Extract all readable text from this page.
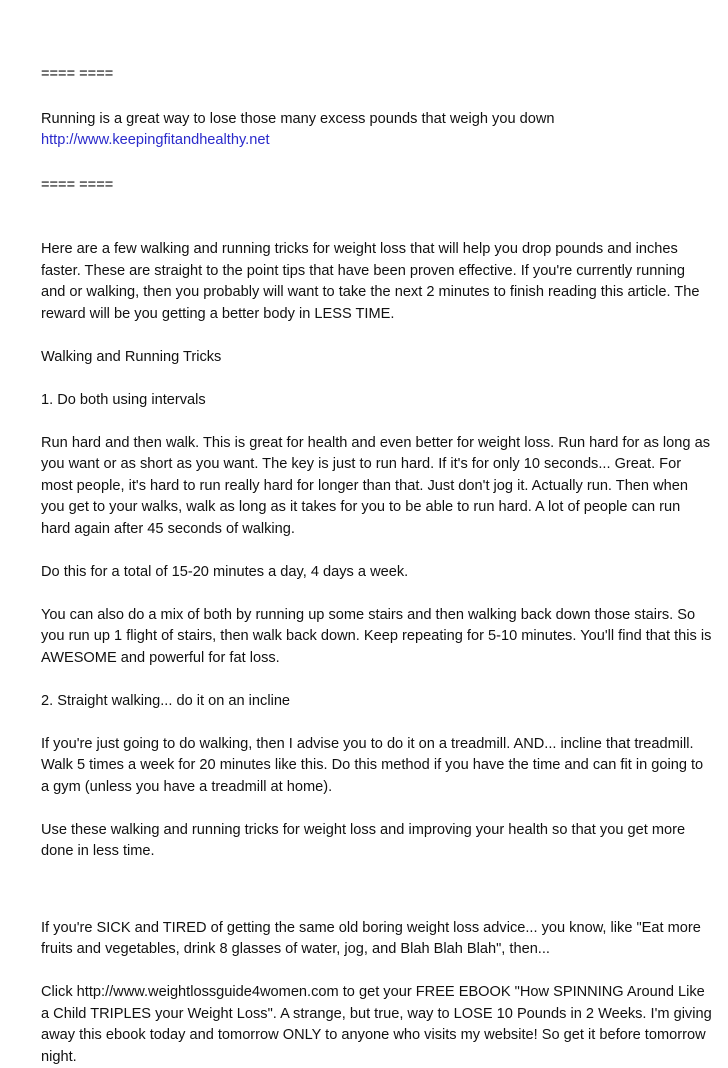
==== ====

Running is a great way to lose those many excess pounds that weigh you down

http://www.keepingfitandhealthy.net

==== ====

Here are a few walking and running tricks for weight loss that will help you drop pounds and inches faster. These are straight to the point tips that have been proven effective. If you're currently running and or walking, then you probably will want to take the next 2 minutes to finish reading this article. The reward will be you getting a better body in LESS TIME.

Walking and Running Tricks

1. Do both using intervals

Run hard and then walk. This is great for health and even better for weight loss. Run hard for as long as you want or as short as you want. The key is just to run hard. If it's for only 10 seconds... Great. For most people, it's hard to run really hard for longer than that. Just don't jog it. Actually run. Then when you get to your walks, walk as long as it takes for you to be able to run hard. A lot of people can run hard again after 45 seconds of walking.

Do this for a total of 15-20 minutes a day, 4 days a week.

You can also do a mix of both by running up some stairs and then walking back down those stairs. So you run up 1 flight of stairs, then walk back down. Keep repeating for 5-10 minutes. You'll find that this is AWESOME and powerful for fat loss.

2. Straight walking... do it on an incline

If you're just going to do walking, then I advise you to do it on a treadmill. AND... incline that treadmill. Walk 5 times a week for 20 minutes like this. Do this method if you have the time and can fit in going to a gym (unless you have a treadmill at home).

Use these walking and running tricks for weight loss and improving your health so that you get more done in less time.

If you're SICK and TIRED of getting the same old boring weight loss advice... you know, like "Eat more fruits and vegetables, drink 8 glasses of water, jog, and Blah Blah Blah", then...

Click http://www.weightlossguide4women.com to get your FREE EBOOK "How SPINNING Around Like a Child TRIPLES your Weight Loss". A strange, but true, way to LOSE 10 Pounds in 2 Weeks. I'm giving away this ebook today and tomorrow ONLY to anyone who visits my website! So get it before tomorrow night.
